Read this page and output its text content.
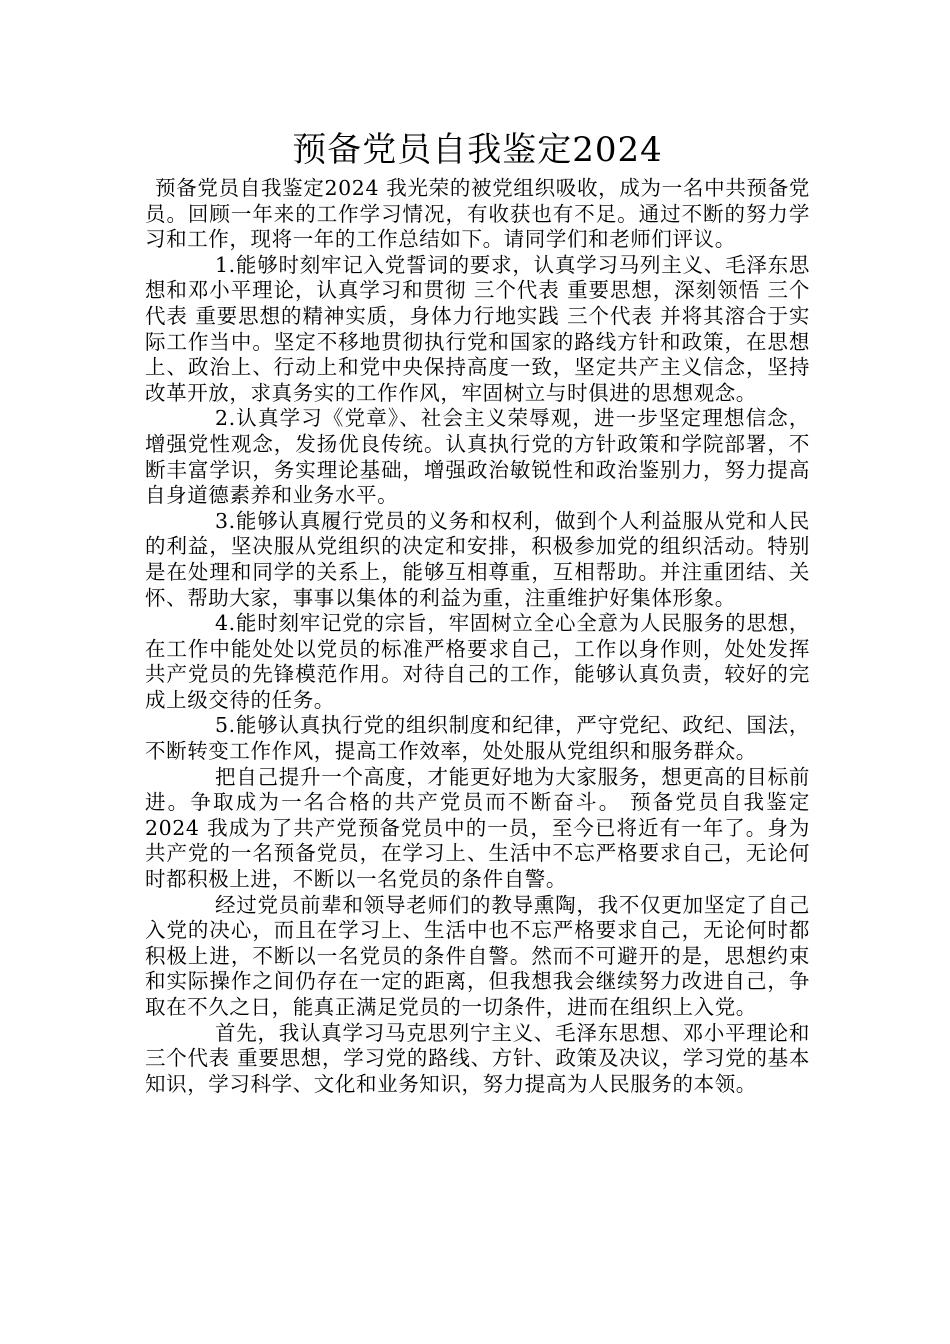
预备党员自我鉴定2024

预备党员自我鉴定2024 我光荣的被党组织吸收，成为一名中共预备党员。回顾一年来的工作学习情况，有收获也有不足。通过不断的努力学习和工作，现将一年的工作总结如下。请同学们和老师们评议。

1.能够时刻牢记入党誓词的要求，认真学习马列主义、毛泽东思想和邓小平理论，认真学习和贯彻 三个代表 重要思想，深刻领悟 三个代表 重要思想的精神实质，身体力行地实践 三个代表 并将其溶合于实际工作当中。坚定不移地贯彻执行党和国家的路线方针和政策，在思想上、政治上、行动上和党中央保持高度一致，坚定共产主义信念，坚持改革开放，求真务实的工作作风，牢固树立与时俱进的思想观念。

2.认真学习《党章》、社会主义荣辱观，进一步坚定理想信念，增强党性观念，发扬优良传统。认真执行党的方针政策和学院部署，不断丰富学识，务实理论基础，增强政治敏锐性和政治鉴别力，努力提高自身道德素养和业务水平。

3.能够认真履行党员的义务和权利，做到个人利益服从党和人民的利益，坚决服从党组织的决定和安排，积极参加党的组织活动。特别是在处理和同学的关系上，能够互相尊重，互相帮助。并注重团结、关怀、帮助大家，事事以集体的利益为重，注重维护好集体形象。

4.能时刻牢记党的宗旨，牢固树立全心全意为人民服务的思想，在工作中能处处以党员的标准严格要求自己，工作以身作则，处处发挥共产党员的先锋模范作用。对待自己的工作，能够认真负责，较好的完成上级交待的任务。

5.能够认真执行党的组织制度和纪律，严守党纪、政纪、国法，不断转变工作作风，提高工作效率，处处服从党组织和服务群众。

把自己提升一个高度，才能更好地为大家服务，想更高的目标前进。争取成为一名合格的共产党员而不断奋斗。 预备党员自我鉴定2024 我成为了共产党预备党员中的一员，至今已将近有一年了。身为共产党的一名预备党员，在学习上、生活中不忘严格要求自己，无论何时都积极上进，不断以一名党员的条件自警。

经过党员前辈和领导老师们的教导熏陶，我不仅更加坚定了自己入党的决心，而且在学习上、生活中也不忘严格要求自己，无论何时都积极上进，不断以一名党员的条件自警。然而不可避开的是，思想约束和实际操作之间仍存在一定的距离，但我想我会继续努力改进自己，争取在不久之日，能真正满足党员的一切条件，进而在组织上入党。

首先，我认真学习马克思列宁主义、毛泽东思想、邓小平理论和 三个代表 重要思想，学习党的路线、方针、政策及决议，学习党的基本知识，学习科学、文化和业务知识，努力提高为人民服务的本领。
